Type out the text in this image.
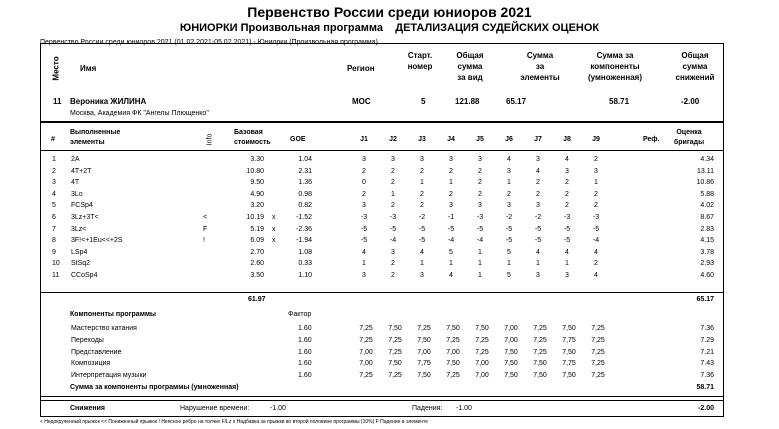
Первенство России среди юниоров 2021
ЮНИОРКИ Произвольная программа ДЕТАЛИЗАЦИЯ СУДЕЙСКИХ ОЦЕНОК
Первенство России среди юниоров 2021 (01.02.2021-05.02.2021) - Юниорки (Произвольная программа)
Место Имя	Регион
Старт.
номер
Общая
сумма
за вид
Сумма
за
элементы
Сумма за
компоненты
(умноженная)
Общая
сумма
снижений
11 Вероника ЖИЛИНА	МОС	5	121.88	65.17	58.71	-2.00
Москва, Академия ФК "Ангелы Плющенко"
#
Выполненные
элементы	Info
Базовая
стоимость	GOE	J1	J2	J3	J4	J5	J6	J7	J8	J9	Реф.
Оценка
бригады
1 2A	3.30	1.04	3	3	3	3	3	4	3	4	2	4.34
2 4T+2T	10.80	2.31	2	2	2	2	2	3	4	3	3	13.11
3 4T	9.50	1.36	0	2	1	1	2	1	2	2	1	10.86
4 3Lo	4.90	0.98	2	1	2	2	2	2	2	2	2	5.88
5 FCSp4	3.20	0.82	3	2	2	3	3	3	3	2	2	4.02
6 3Lz+3T<	<	10.19 x	-1.52	-3	-3	-2	-1	-3	-2	-2	-3	-3	8.67
7 3Lz<	F	5.19 x	-2.36	-5	-5	-5	-5	-5	-5	-5	-5	-5	2.83
8 3F!<+1Eu<<+2S	!	6.09 x	-1.94	-5	-4	-5	-4	-4	-5	-5	-5	-4	4.15
9 LSp4	2.70	1.08	4	3	4	5	1	5	4	4	4	3.78
10 StSq2	2.60	0.33	1	2	1	1	1	1	1	1	2	2.93
11 CCoSp4	3.50	1.10	3	2	3	4	1	5	3	3	4	4.60
61.97	65.17
Компоненты программы	Фактор
Мастерство катания	1.60	7,25	7,50	7,25	7,50	7,50	7,00	7,25	7,50	7,25	7.36
Переходы	1.60	7,25	7,25	7,50	7,25	7,25	7,00	7,25	7,75	7,25	7.29
Представление	1.60	7,00	7,25	7,00	7,00	7,25	7,50	7,25	7,50	7,25	7.21
Композиция	1.60	7,00	7,50	7,75	7,50	7,00	7,50	7,50	7,75	7,25	7.43
Интерпретация музыки	1.60	7,25	7,25	7,50	7,25	7,00	7,50	7,50	7,50	7,25	7.36
Сумма за компоненты программы (умноженная)	58.71
Снижения	Нарушение времени:	-1.00	Падения: -1.00	-2.00
< Недокрученный прыжок << Пониженный прыжок ! Неясное ребро на толчке F/Lz x Надбавка за прыжки во второй половине программы (10%) F Падение в элементе
